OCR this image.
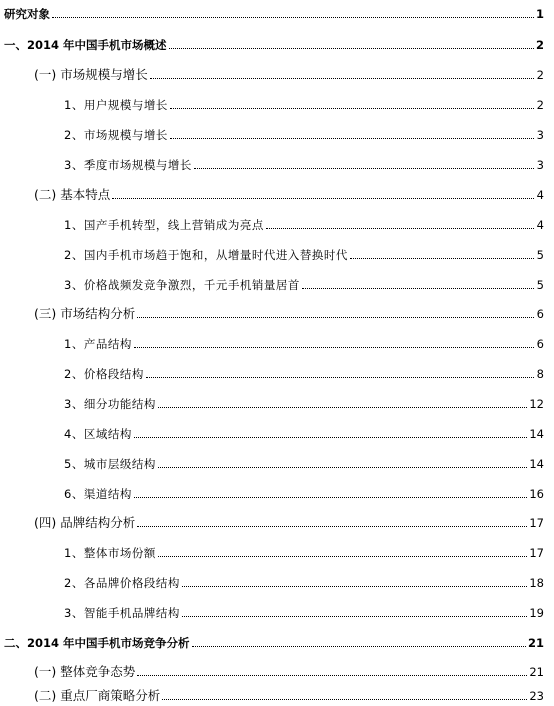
研究对象	1
一、2014 年中国手机市场概述	2
(一) 市场规模与增长	2
1、用户规模与增长	2
2、市场规模与增长	3
3、季度市场规模与增长	3
(二) 基本特点	4
1、国产手机转型，线上营销成为亮点	4
2、国内手机市场趋于饱和，从增量时代进入替换时代	5
3、价格战频发竞争激烈，千元手机销量居首	5
(三) 市场结构分析	6
1、产品结构	6
2、价格段结构	8
3、细分功能结构	12
4、区域结构	14
5、城市层级结构	14
6、渠道结构	16
(四) 品牌结构分析	17
1、整体市场份额	17
2、各品牌价格段结构	18
3、智能手机品牌结构	19
二、2014 年中国手机市场竞争分析	21
(一) 整体竞争态势	21
(二) 重点厂商策略分析	23
